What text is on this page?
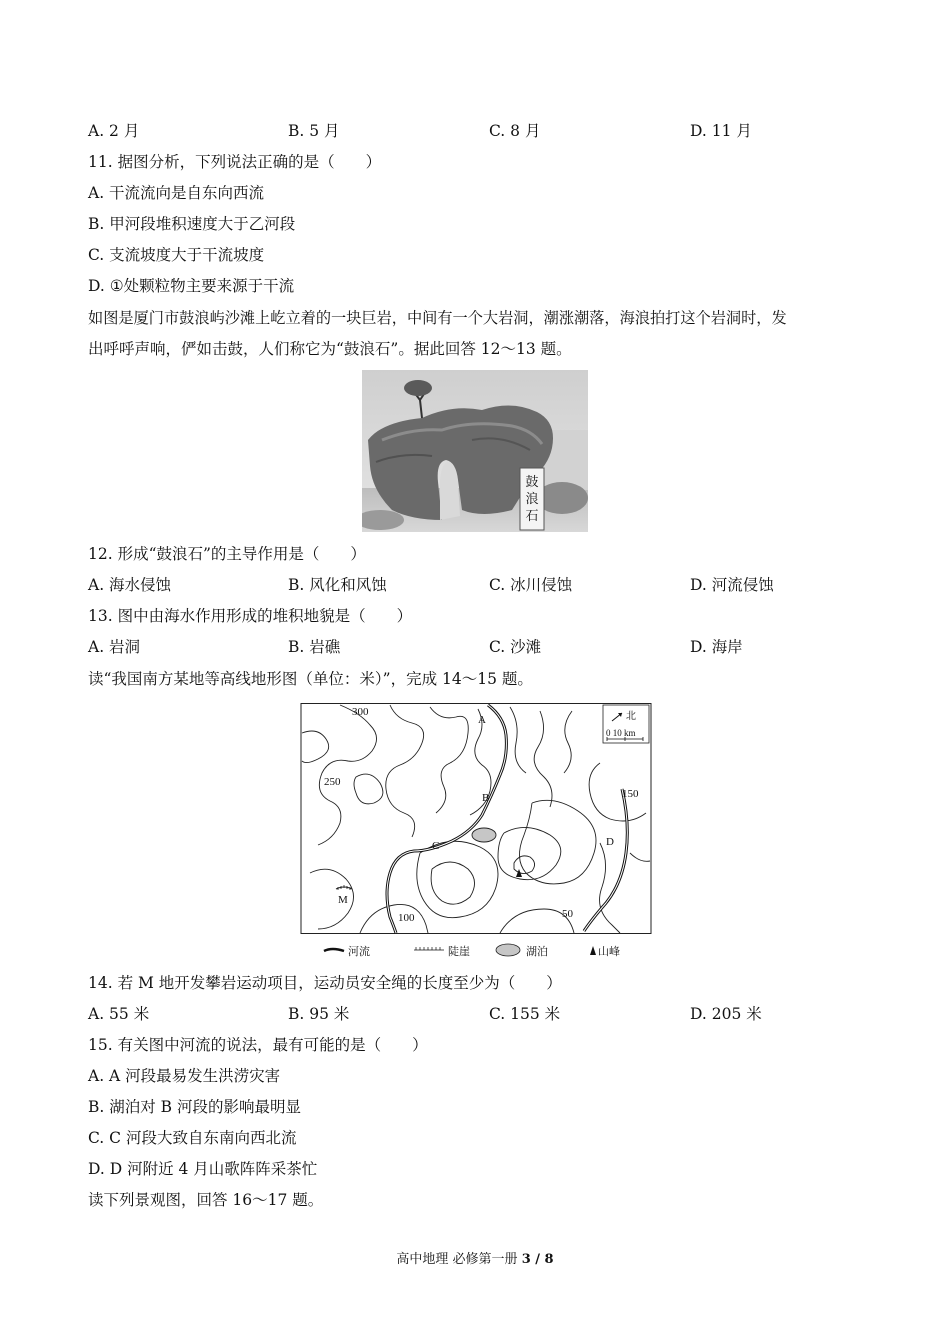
A. 2 月	B. 5 月	C. 8 月	D. 11 月
11. 据图分析，下列说法正确的是（　　）
A. 干流流向是自东向西流
B. 甲河段堆积速度大于乙河段
C. 支流坡度大于干流坡度
D. ①处颗粒物主要来源于干流
如图是厦门市鼓浪屿沙滩上屹立着的一块巨岩，中间有一个大岩洞，潮涨潮落，海浪拍打这个岩洞时，发
出呼呼声响，俨如击鼓，人们称它为“鼓浪石”。据此回答 12～13 题。
鼓
浪
石
12. 形成“鼓浪石”的主导作用是（　　）
A. 海水侵蚀	B. 风化和风蚀	C. 冰川侵蚀	D. 河流侵蚀
13. 图中由海水作用形成的堆积地貌是（　　）
A. 岩洞	B. 岩礁	C. 沙滩	D. 海岸
读“我国南方某地等高线地形图（单位：米）”，完成 14～15 题。
300
250
150
100	50
A
B
C	D
M
北
0 10 km
河流	陡崖	湖泊	山峰
14. 若 M 地开发攀岩运动项目，运动员安全绳的长度至少为（　　）
A. 55 米	B. 95 米	C. 155 米	D. 205 米
15. 有关图中河流的说法，最有可能的是（　　）
A. A 河段最易发生洪涝灾害
B. 湖泊对 B 河段的影响最明显
C. C 河段大致自东南向西北流
D. D 河附近 4 月山歌阵阵采茶忙
读下列景观图，回答 16～17 题。
高中地理 必修第一册 3 / 8
